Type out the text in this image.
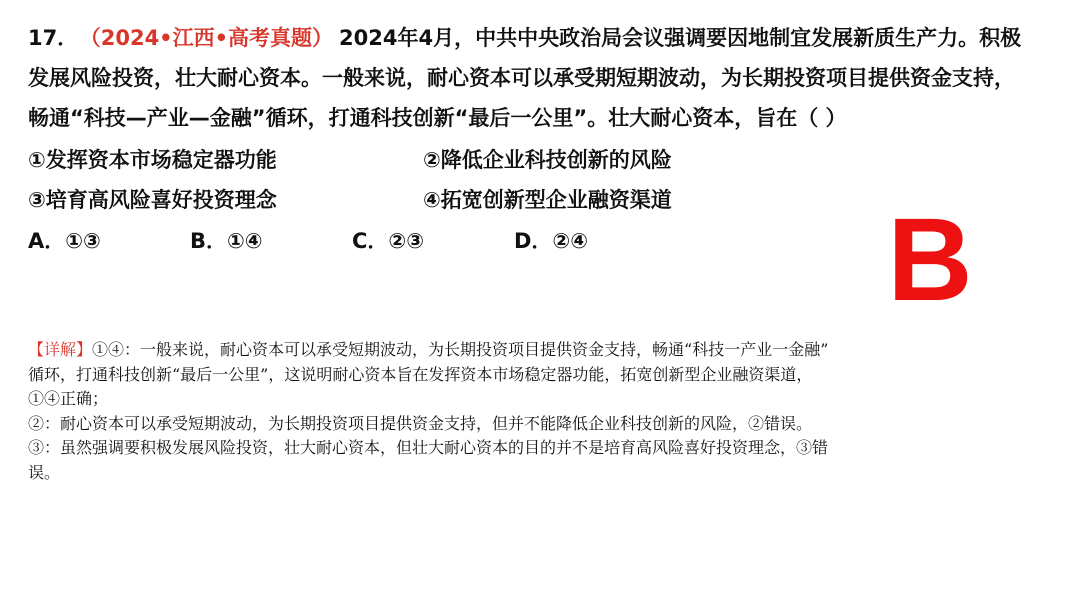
17． （2024•江西•高考真题） 2024年4月，中共中央政治局会议强调要因地制宜发展新质生产力。积极
发展风险投资，壮大耐心资本。一般来说，耐心资本可以承受期短期波动，为长期投资项目提供资金支持，
畅通“科技—产业—金融”循环，打通科技创新“最后一公里”。壮大耐心资本，旨在（ ）
①发挥资本市场稳定器功能	②降低企业科技创新的风险
③培育高风险喜好投资理念	④拓宽创新型企业融资渠道
A．①③	B．①④	C．②③	D．②④	B
【详解】①④：一般来说，耐心资本可以承受短期波动，为长期投资项目提供资金支持，畅通“科技一产业一金融”
循环，打通科技创新“最后一公里”，这说明耐心资本旨在发挥资本市场稳定器功能，拓宽创新型企业融资渠道，
①④正确；
②：耐心资本可以承受短期波动，为长期投资项目提供资金支持，但并不能降低企业科技创新的风险，②错误。
③：虽然强调要积极发展风险投资，壮大耐心资本，但壮大耐心资本的目的并不是培育高风险喜好投资理念，③错
误。
